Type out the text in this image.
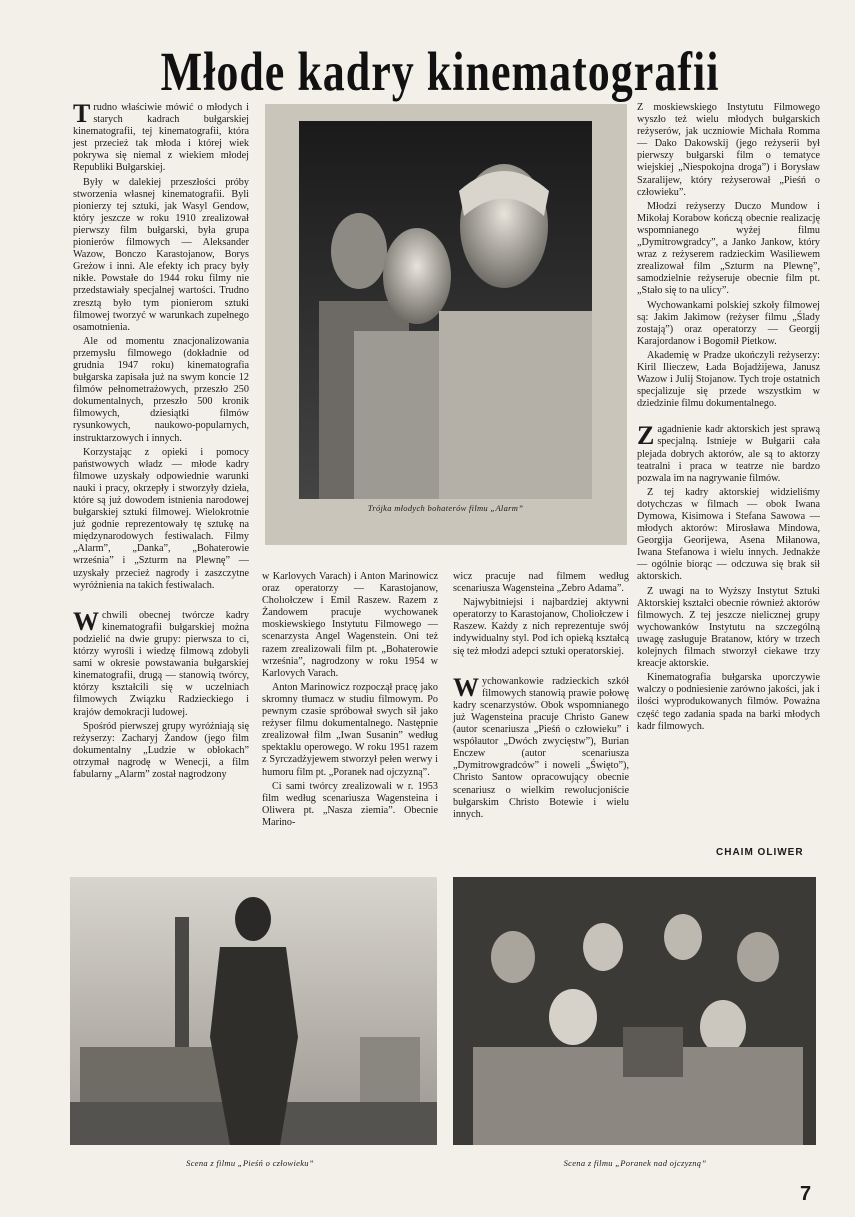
Młode kadry kinematografii

Trudno właściwie mówić o młodych i starych kadrach bułgarskiej kinematografii, tej kinematografii, która jest przecież tak młoda i której wiek pokrywa się niemal z wiekiem młodej Republiki Bułgarskiej.

Były w dalekiej przeszłości próby stworzenia własnej kinematografii. Byli pionierzy tej sztuki, jak Wasyl Gendow, który jeszcze w roku 1910 zrealizował pierwszy film bułgarski, była grupa pionierów filmowych — Aleksander Wazow, Bonczo Karastojanow, Borys Greżow i inni. Ale efekty ich pracy były nikłe. Powstałe do 1944 roku filmy nie przedstawiały specjalnej wartości. Trudno zresztą było tym pionierom sztuki filmowej tworzyć w warunkach zupełnego osamotnienia.

Ale od momentu znacjonalizowania przemysłu filmowego (dokładnie od grudnia 1947 roku) kinematografia bułgarska zapisała już na swym koncie 12 filmów pełnometrażowych, przeszło 250 dokumentalnych, przeszło 500 kronik filmowych, dziesiątki filmów rysunkowych, naukowo-popularnych, instruktarzowych i innych.

Korzystając z opieki i pomocy państwowych władz — młode kadry filmowe uzyskały odpowiednie warunki nauki i pracy, okrzepły i stworzyły dzieła, które są już dowodem istnienia narodowej bułgarskiej sztuki filmowej. Wielokrotnie już godnie reprezentowały tę sztukę na międzynarodowych festiwalach. Filmy „Alarm”, „Danka”, „Bohaterowie września” i „Szturm na Plewnę” — uzyskały przecież nagrody i zaszczytne wyróżnienia na takich festiwalach.

Wchwili obecnej twórcze kadry kinematografii bułgarskiej można podzielić na dwie grupy: pierwsza to ci, którzy wyrośli i wiedzę filmową zdobyli sami w okresie powstawania bułgarskiej kinematografii, drugą — stanowią twórcy, którzy kształcili się w uczelniach filmowych Związku Radzieckiego i krajów demokracji ludowej.

Spośród pierwszej grupy wyróżniają się reżyserzy: Zacharyj Żandow (jego film dokumentalny „Ludzie w obłokach” otrzymał nagrodę w Wenecji, a film fabularny „Alarm” został nagrodzony

Trójka młodych bohaterów filmu „Alarm”

w Karlovych Varach) i Anton Marinowicz oraz operatorzy — Karastojanow, Cholıołczew i Emil Raszew. Razem z Żandowem pracuje wychowanek moskiewskiego Instytutu Filmowego — scenarzysta Angel Wagenstein. Oni też razem zrealizowali film pt. „Bohaterowie września”, nagrodzony w roku 1954 w Karlovych Varach.

Anton Marinowicz rozpoczął pracę jako skromny tłumacz w studiu filmowym. Po pewnym czasie spróbował swych sił jako reżyser filmu dokumentalnego. Następnie zrealizował film „Iwan Susanin” według spektaklu operowego. W roku 1951 razem z Syrczadżyjewem stworzył pełen werwy i humoru film pt. „Poranek nad ojczyzną”.

Ci sami twórcy zrealizowali w r. 1953 film według scenariusza Wagensteina i Oliwera pt. „Nasza ziemia”. Obecnie Marino-

wicz pracuje nad filmem według scenariusza Wagensteina „Zebro Adama”.

Najwybitniejsi i najbardziej aktywni operatorzy to Karastojanow, Choliołczew i Raszew. Każdy z nich reprezentuje swój indywidualny styl. Pod ich opieką kształcą się też młodzi adepci sztuki operatorskiej.

Wychowankowie radzieckich szkół filmowych stanowią prawie połowę kadry scenarzystów. Obok wspomnianego już Wagensteina pracuje Christo Ganew (autor scenariusza „Pieśń o człowieku” i współautor „Dwóch zwycięstw”), Burian Enczew (autor scenariusza „Dymitrowgradców” i noweli „Święto”), Christo Santow opracowujący obecnie scenariusz o wielkim rewolucjoniście bułgarskim Christo Botewie i wielu innych.

Z moskiewskiego Instytutu Filmowego wyszło też wielu młodych bułgarskich reżyserów, jak uczniowie Michała Romma — Dako Dakowskij (jego reżyserii był pierwszy bułgarski film o tematyce wiejskiej „Niespokojna droga”) i Borysław Szaralijew, który reżyserował „Pieśń o człowieku”.

Młodzi reżyserzy Duczo Mundow i Mikołaj Korabow kończą obecnie realizację wspomnianego wyżej filmu „Dymitrowgradcy”, a Janko Jankow, który wraz z reżyserem radzieckim Wasiliewem zrealizował film „Szturm na Plewnę”, samodzielnie reżyseruje obecnie film pt. „Stało się to na ulicy”.

Wychowankami polskiej szkoły filmowej są: Jakim Jakimow (reżyser filmu „Ślady zostają”) oraz operatorzy — Georgij Karajordanow i Bogomił Pietkow.

Akademię w Pradze ukończyli reżyserzy: Kiril Ilieczew, Łada Bojadżijewa, Janusz Wazow i Julij Stojanow. Tych troje ostatnich specjalizuje się przede wszystkim w dziedzinie filmu dokumentalnego.

Zagadnienie kadr aktorskich jest sprawą specjalną. Istnieje w Bułgarii cała plejada dobrych aktorów, ale są to aktorzy teatralni i praca w teatrze nie bardzo pozwala im na nagrywanie filmów.

Z tej kadry aktorskiej widzieliśmy dotychczas w filmach — obok Iwana Dymowa, Kisimowa i Stefana Sawowa — młodych aktorów: Mirosława Mindowa, Georgija Georijewa, Asena Miłanowa, Iwana Stefanowa i wielu innych. Jednakże — ogólnie biorąc — odczuwa się brak sił aktorskich.

Z uwagi na to Wyższy Instytut Sztuki Aktorskiej kształci obecnie również aktorów filmowych. Z tej jeszcze nielicznej grupy wychowanków Instytutu na szczególną uwagę zasługuje Bratanow, który w trzech kolejnych filmach stworzył ciekawe trzy kreacje aktorskie.

Kinematografia bułgarska uporczywie walczy o podniesienie zarówno jakości, jak i ilości wyprodukowanych filmów. Poważna część tego zadania spada na barki młodych kadr filmowych.

CHAIM OLIWER
Scena z filmu „Pieśń o człowieku”	Scena z filmu „Poranek nad ojczyzną”
7
